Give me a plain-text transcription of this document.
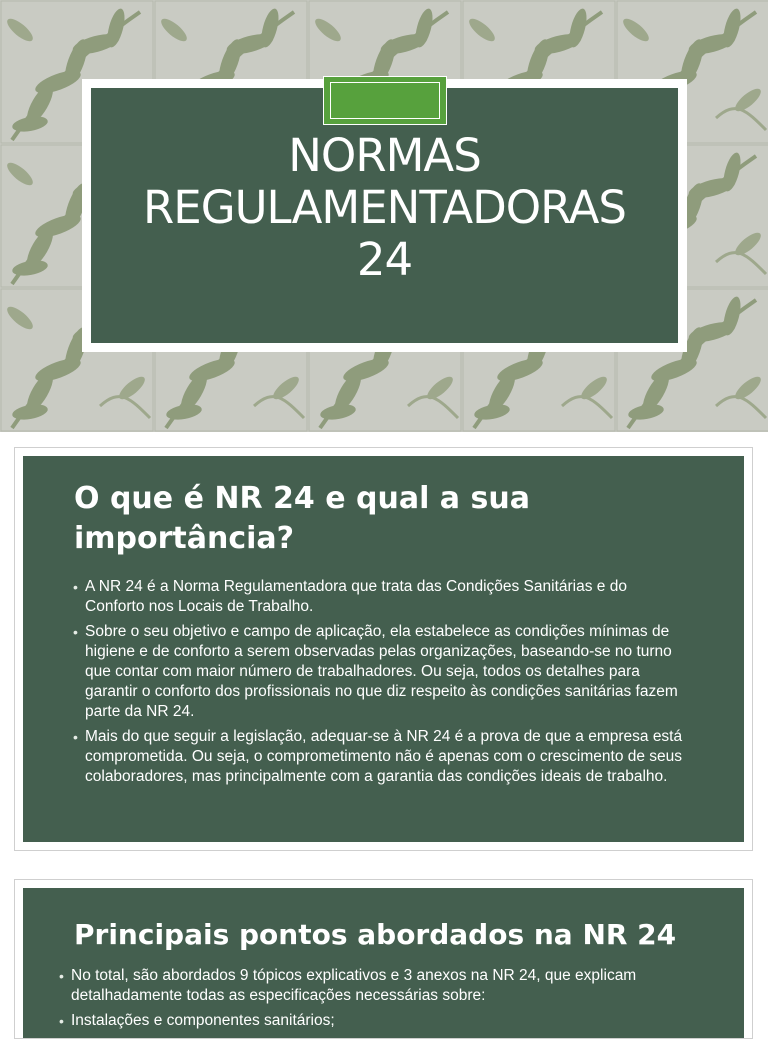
NORMAS
REGULAMENTADORAS
24
O que é NR 24 e qual a sua importância?
• A NR 24 é a Norma Regulamentadora que trata das Condições Sanitárias e do Conforto nos Locais de Trabalho.
• Sobre o seu objetivo e campo de aplicação, ela estabelece as condições mínimas de higiene e de conforto a serem observadas pelas organizações, baseando-se no turno que contar com maior número de trabalhadores. Ou seja, todos os detalhes para garantir o conforto dos profissionais no que diz respeito às condições sanitárias fazem parte da NR 24.
• Mais do que seguir a legislação, adequar-se à NR 24 é a prova de que a empresa está comprometida. Ou seja, o comprometimento não é apenas com o crescimento de seus colaboradores, mas principalmente com a garantia das condições ideais de trabalho.
Principais pontos abordados na NR 24
• No total, são abordados 9 tópicos explicativos e 3 anexos na NR 24, que explicam detalhadamente todas as especificações necessárias sobre:
• Instalações e componentes sanitários;
